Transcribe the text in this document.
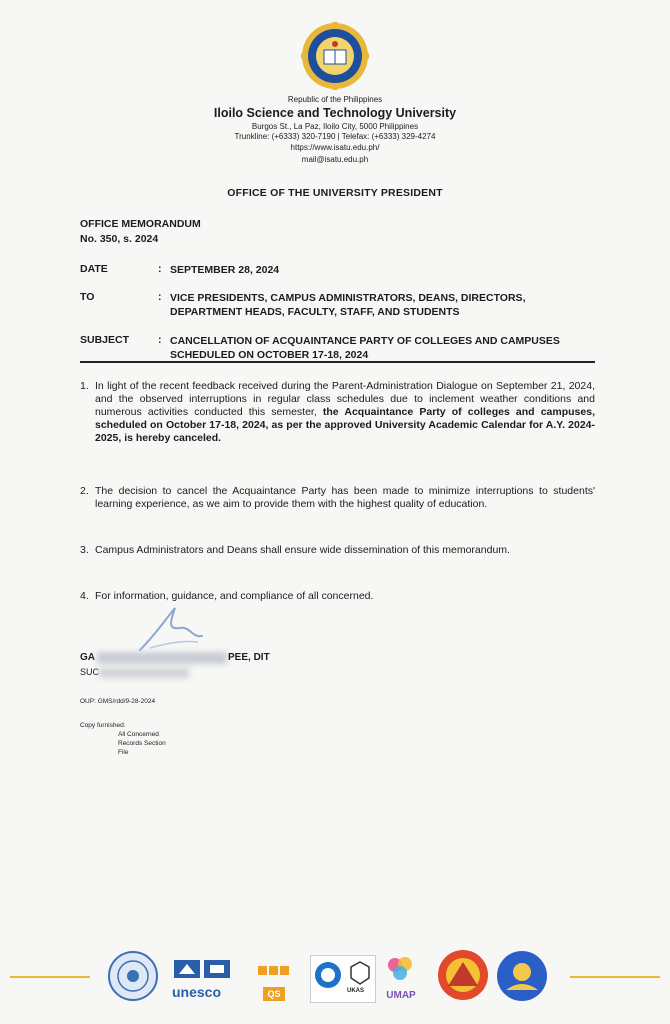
Republic of the Philippines
Iloilo Science and Technology University
Burgos St., La Paz, Iloilo City, 5000 Philippines
Trunkline: (+6333) 320-7190 | Telefax: (+6333) 329-4274
https://www.isatu.edu.ph/
mail@isatu.edu.ph
OFFICE OF THE UNIVERSITY PRESIDENT
OFFICE MEMORANDUM
No. 350, s. 2024
DATE	: SEPTEMBER 28, 2024
TO	: VICE PRESIDENTS, CAMPUS ADMINISTRATORS, DEANS, DIRECTORS,
DEPARTMENT HEADS, FACULTY, STAFF, AND STUDENTS
SUBJECT	: CANCELLATION OF ACQUAINTANCE PARTY OF COLLEGES AND CAMPUSES
SCHEDULED ON OCTOBER 17-18, 2024
1. In light of the recent feedback received during the Parent-Administration Dialogue on September 21, 2024, and the observed interruptions in regular class schedules due to inclement weather conditions and numerous activities conducted this semester, the Acquaintance Party of colleges and campuses, scheduled on October 17-18, 2024, as per the approved University Academic Calendar for A.Y. 2024-2025, is hereby canceled.
2. The decision to cancel the Acquaintance Party has been made to minimize interruptions to students' learning experience, as we aim to provide them with the highest quality of education.
3. Campus Administrators and Deans shall ensure wide dissemination of this memorandum.
4. For information, guidance, and compliance of all concerned.
GA	PEE, DIT
SUC
OUP: GMS/rdd/9-28-2024
Copy furnished:
All Concerned
Records Section
File
unesco	QS	UKAS	UMAP
